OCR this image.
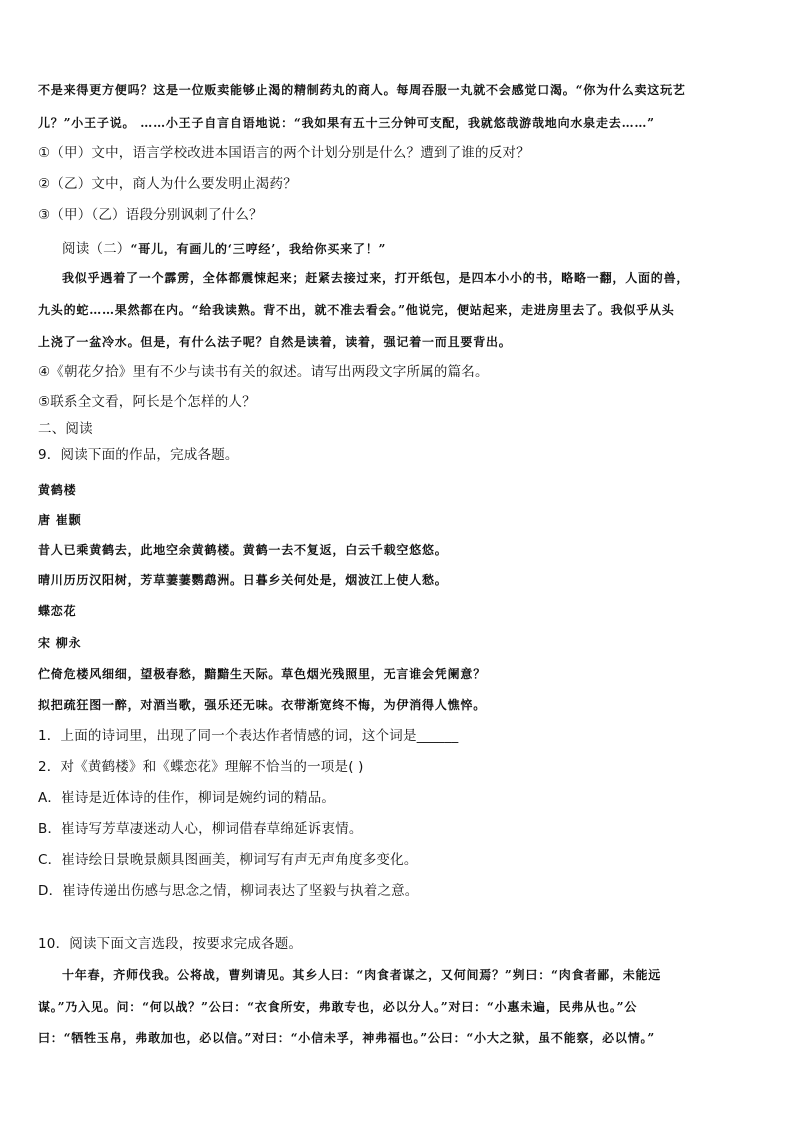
不是来得更方便吗？这是一位贩卖能够止渴的精制药丸的商人。每周吞服一丸就不会感觉口渴。“你为什么卖这玩艺
儿？”小王子说。 ……小王子自言自语地说：“我如果有五十三分钟可支配，我就悠哉游哉地向水泉走去……”
①（甲）文中，语言学校改进本国语言的两个计划分别是什么？遭到了谁的反对？
②（乙）文中，商人为什么要发明止渴药？
③（甲）（乙）语段分别讽刺了什么？
阅读（二）“哥儿，有画儿的‘三哼经’，我给你买来了！”
我似乎遇着了一个霹雳，全体都震悚起来；赶紧去接过来，打开纸包，是四本小小的书，略略一翻，人面的兽，
九头的蛇……果然都在内。“给我读熟。背不出，就不准去看会。”他说完，便站起来，走进房里去了。我似乎从头
上浇了一盆冷水。但是，有什么法子呢？自然是读着，读着，强记着一而且要背出。
④《朝花夕拾》里有不少与读书有关的叙述。请写出两段文字所属的篇名。
⑤联系全文看，阿长是个怎样的人？
二、阅读
9．阅读下面的作品，完成各题。
黄鹤楼
唐 崔颢
昔人已乘黄鹤去，此地空余黄鹤楼。黄鹤一去不复返，白云千载空悠悠。
晴川历历汉阳树，芳草萋萋鹦鹉洲。日暮乡关何处是，烟波江上使人愁。
蝶恋花
宋 柳永
伫倚危楼风细细，望极春愁，黯黯生天际。草色烟光残照里，无言谁会凭阑意？
拟把疏狂图一醉，对酒当歌，强乐还无味。衣带渐宽终不悔，为伊消得人憔悴。
1．上面的诗词里，出现了同一个表达作者情感的词，这个词是______
2．对《黄鹤楼》和《蝶恋花》理解不恰当的一项是( )
A．崔诗是近体诗的佳作，柳词是婉约词的精品。
B．崔诗写芳草凄迷动人心，柳词借春草绵延诉衷情。
C．崔诗绘日景晚景颇具图画美，柳词写有声无声角度多变化。
D．崔诗传递出伤感与思念之情，柳词表达了坚毅与执着之意。
10．阅读下面文言选段，按要求完成各题。
十年春，齐师伐我。公将战，曹刿请见。其乡人曰：“肉食者谋之，又何间焉？”刿曰：“肉食者鄙，未能远
谋。”乃入见。问：“何以战？”公曰：“衣食所安，弗敢专也，必以分人。”对曰：“小惠未遍，民弗从也。”公
曰：“牺牲玉帛，弗敢加也，必以信。”对曰：“小信未孚，神弗福也。”公曰：“小大之狱，虽不能察，必以情。”
